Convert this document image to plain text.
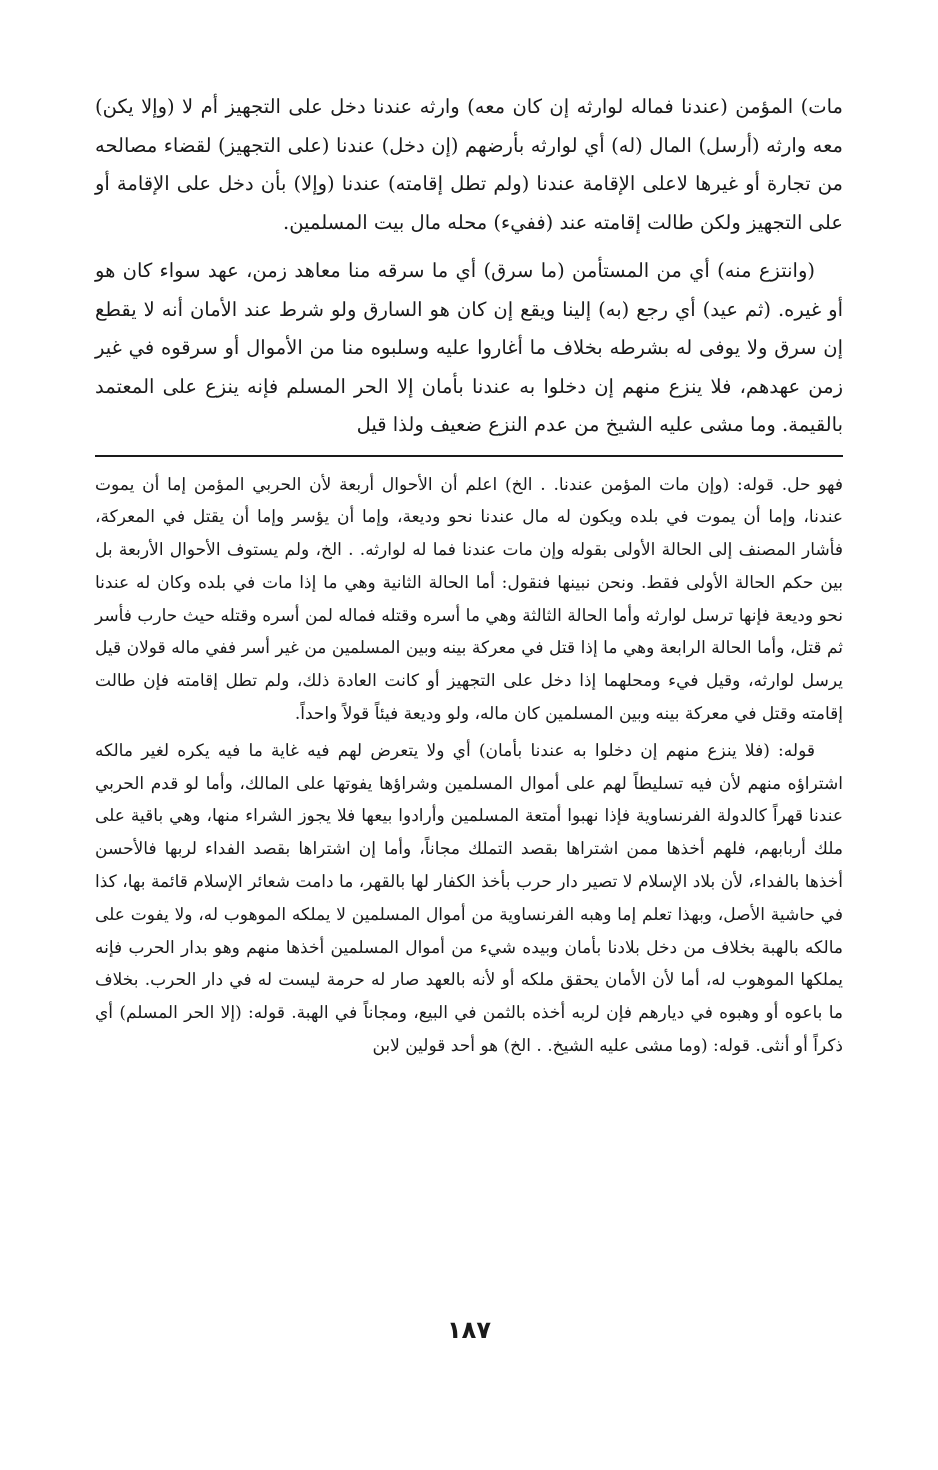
مات) المؤمن (عندنا فماله لوارثه إن كان معه) وارثه عندنا دخل على التجهيز أم لا (وإلا يكن) معه وارثه (أرسل) المال (له) أي لوارثه بأرضهم (إن دخل) عندنا (على التجهيز) لقضاء مصالحه من تجارة أو غيرها لاعلى الإقامة عندنا (ولم تطل إقامته) عندنا (وإلا) بأن دخل على الإقامة أو على التجهيز ولكن طالت إقامته عند (ففيء) محله مال بيت المسلمين.

(وانتزع منه) أي من المستأمن (ما سرق) أي ما سرقه منا معاهد زمن، عهد سواء كان هو أو غيره. (ثم عيد) أي رجع (به) إلينا ويقع إن كان هو السارق ولو شرط عند الأمان أنه لا يقطع إن سرق ولا يوفى له بشرطه بخلاف ما أغاروا عليه وسلبوه منا من الأموال أو سرقوه في غير زمن عهدهم، فلا ينزع منهم إن دخلوا به عندنا بأمان إلا الحر المسلم فإنه ينزع على المعتمد بالقيمة. وما مشى عليه الشيخ من عدم النزع ضعيف ولذا قيل

فهو حل. قوله: (وإن مات المؤمن عندنا. . الخ) اعلم أن الأحوال أربعة لأن الحربي المؤمن إما أن يموت عندنا، وإما أن يموت في بلده ويكون له مال عندنا نحو وديعة، وإما أن يؤسر وإما أن يقتل في المعركة، فأشار المصنف إلى الحالة الأولى بقوله وإن مات عندنا فما له لوارثه. . الخ، ولم يستوف الأحوال الأربعة بل بين حكم الحالة الأولى فقط. ونحن نبينها فنقول: أما الحالة الثانية وهي ما إذا مات في بلده وكان له عندنا نحو وديعة فإنها ترسل لوارثه وأما الحالة الثالثة وهي ما أسره وقتله فماله لمن أسره وقتله حيث حارب فأسر ثم قتل، وأما الحالة الرابعة وهي ما إذا قتل في معركة بينه وبين المسلمين من غير أسر ففي ماله قولان قيل يرسل لوارثه، وقيل فيء ومحلهما إذا دخل على التجهيز أو كانت العادة ذلك، ولم تطل إقامته فإن طالت إقامته وقتل في معركة بينه وبين المسلمين كان ماله، ولو وديعة فيئاً قولاً واحداً.

قوله: (فلا ينزع منهم إن دخلوا به عندنا بأمان) أي ولا يتعرض لهم فيه غاية ما فيه يكره لغير مالكه اشتراؤه منهم لأن فيه تسليطاً لهم على أموال المسلمين وشراؤها يفوتها على المالك، وأما لو قدم الحربي عندنا قهراً كالدولة الفرنساوية فإذا نهبوا أمتعة المسلمين وأرادوا بيعها فلا يجوز الشراء منها، وهي باقية على ملك أربابهم، فلهم أخذها ممن اشتراها بقصد التملك مجاناً، وأما إن اشتراها بقصد الفداء لربها فالأحسن أخذها بالفداء، لأن بلاد الإسلام لا تصير دار حرب بأخذ الكفار لها بالقهر، ما دامت شعائر الإسلام قائمة بها، كذا في حاشية الأصل، وبهذا تعلم إما وهبه الفرنساوية من أموال المسلمين لا يملكه الموهوب له، ولا يفوت على مالكه بالهبة بخلاف من دخل بلادنا بأمان وبيده شيء من أموال المسلمين أخذها منهم وهو بدار الحرب فإنه يملكها الموهوب له، أما لأن الأمان يحقق ملكه أو لأنه بالعهد صار له حرمة ليست له في دار الحرب. بخلاف ما باعوه أو وهبوه في ديارهم فإن لربه أخذه بالثمن في البيع، ومجاناً في الهبة. قوله: (إلا الحر المسلم) أي ذكراً أو أنثى. قوله: (وما مشى عليه الشيخ. . الخ) هو أحد قولين لابن

١٨٧
